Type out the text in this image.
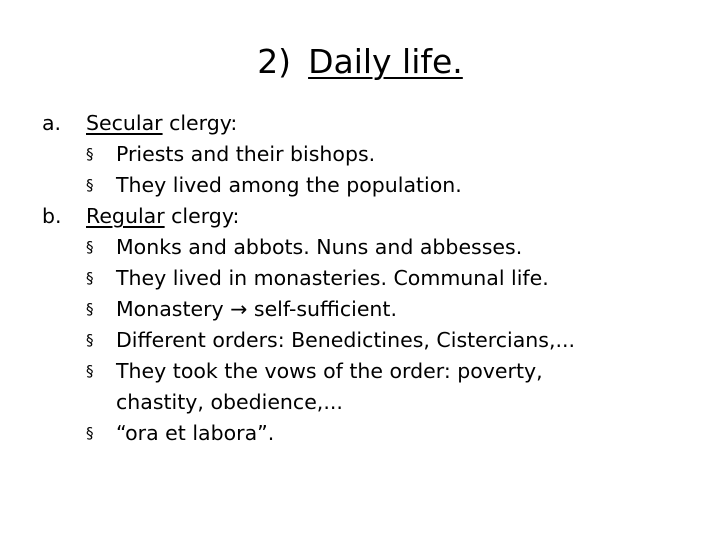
2) Daily life.
a. Secular clergy:
§ Priests and their bishops.
§ They lived among the population.
b. Regular clergy:
§ Monks and abbots. Nuns and abbesses.
§ They lived in monasteries. Communal life.
§ Monastery → self-sufficient.
§ Different orders: Benedictines, Cistercians,...
§ They took the vows of the order: poverty,
chastity, obedience,...
§ “ora et labora”.
